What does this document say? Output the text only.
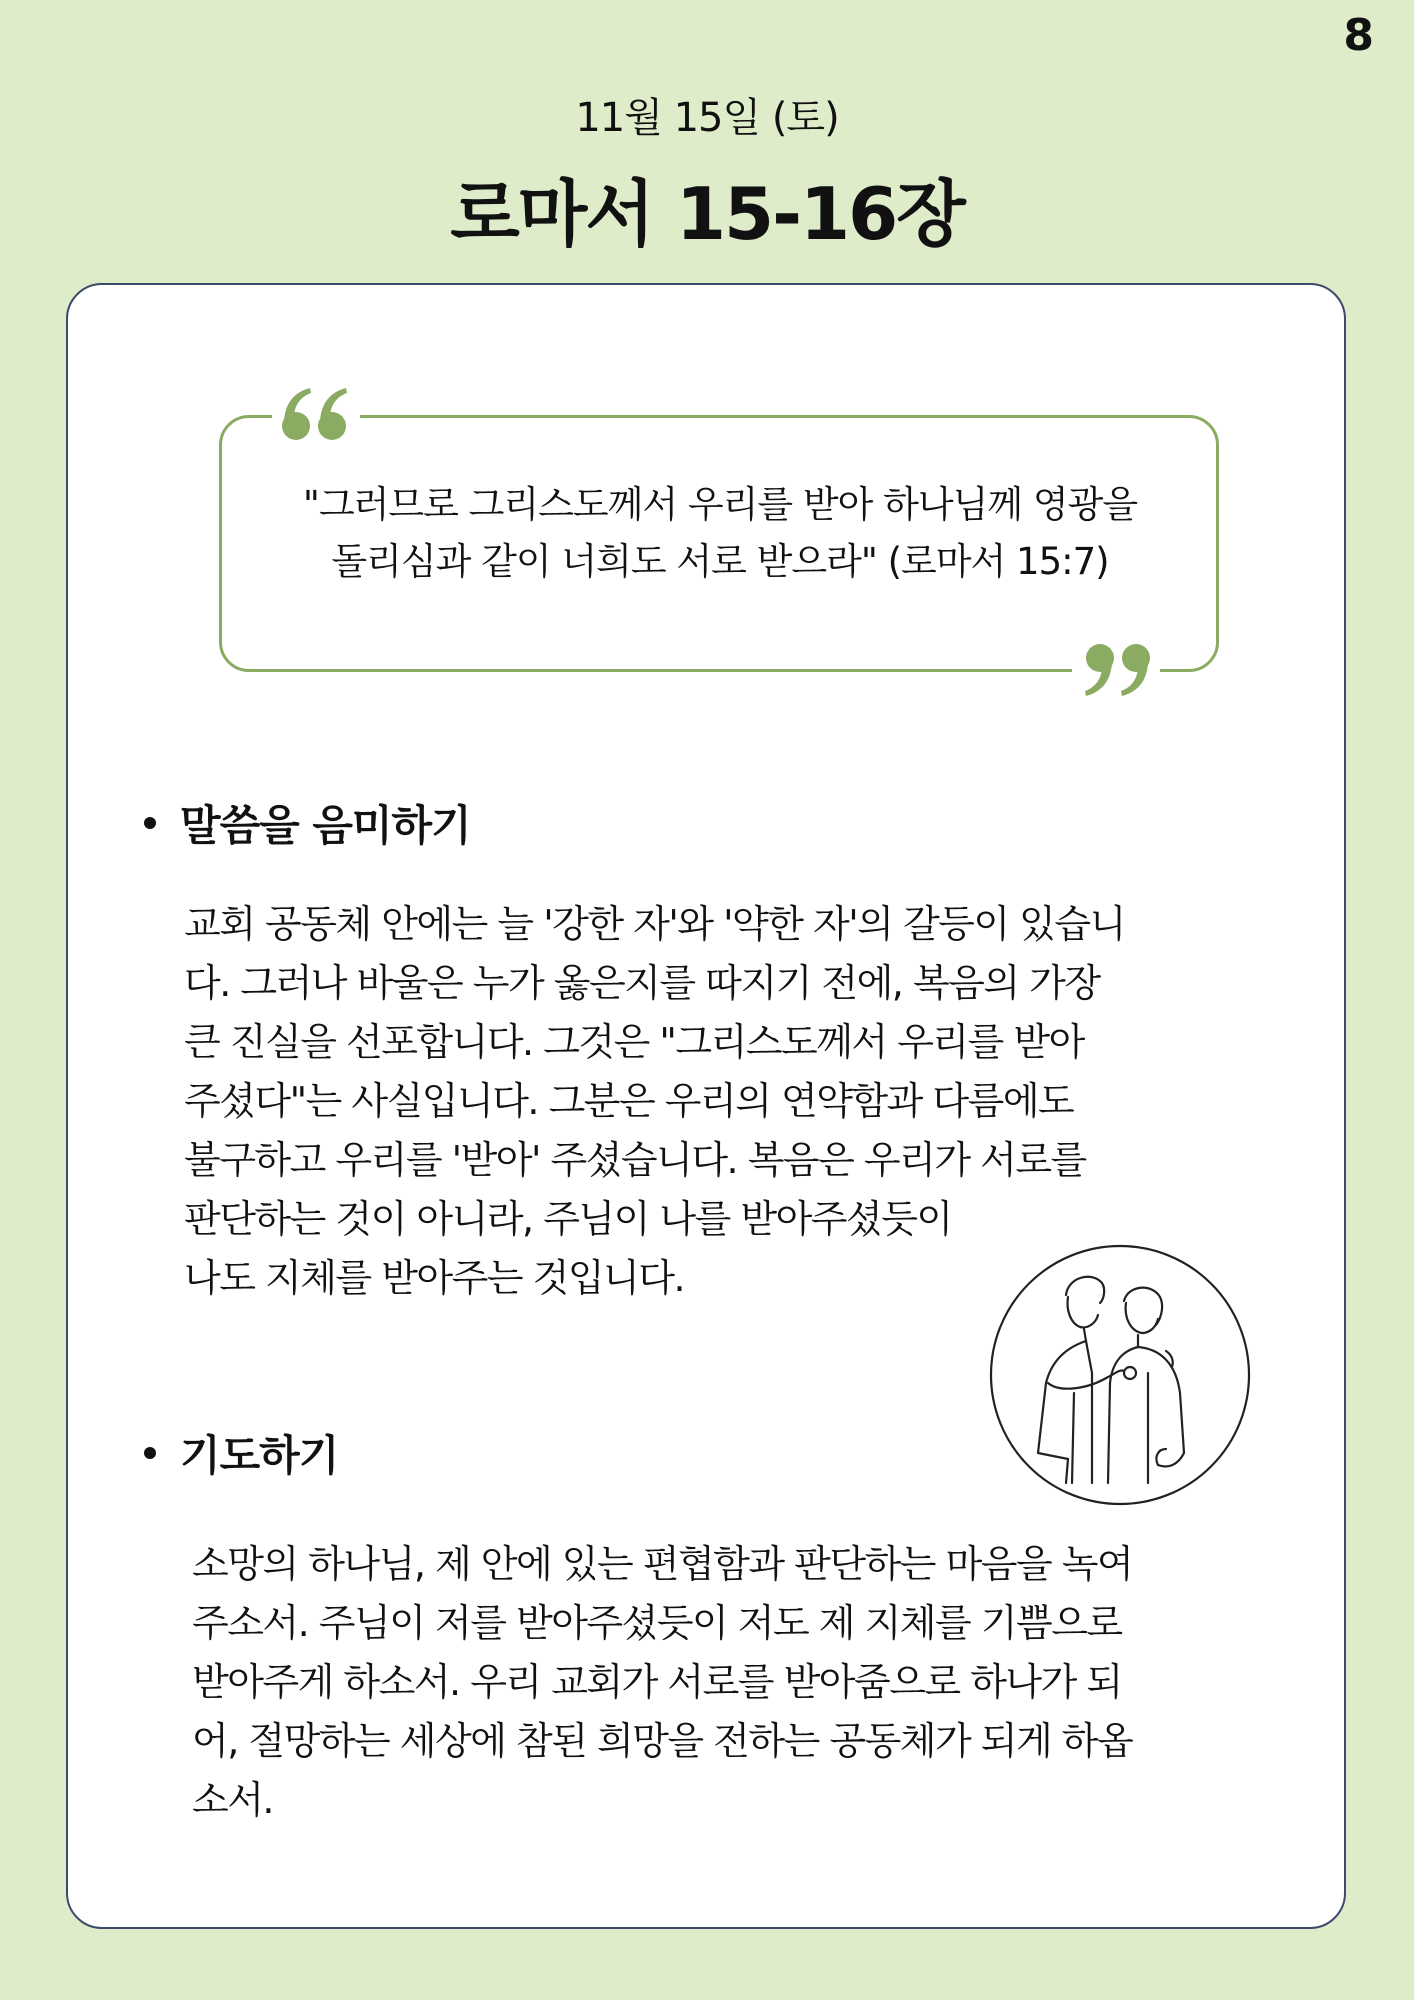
8
11월 15일 (토)
로마서 15-16장

"그러므로 그리스도께서 우리를 받아 하나님께 영광을
돌리심과 같이 너희도 서로 받으라" (로마서 15:7)

말씀을 음미하기

교회 공동체 안에는 늘 '강한 자'와 '약한 자'의 갈등이 있습니
다. 그러나 바울은 누가 옳은지를 따지기 전에, 복음의 가장
큰 진실을 선포합니다. 그것은 "그리스도께서 우리를 받아
주셨다"는 사실입니다. 그분은 우리의 연약함과 다름에도
불구하고 우리를 '받아' 주셨습니다. 복음은 우리가 서로를
판단하는 것이 아니라, 주님이 나를 받아주셨듯이
나도 지체를 받아주는 것입니다.

기도하기

소망의 하나님, 제 안에 있는 편협함과 판단하는 마음을 녹여
주소서. 주님이 저를 받아주셨듯이 저도 제 지체를 기쁨으로
받아주게 하소서. 우리 교회가 서로를 받아줌으로 하나가 되
어, 절망하는 세상에 참된 희망을 전하는 공동체가 되게 하옵
소서.
